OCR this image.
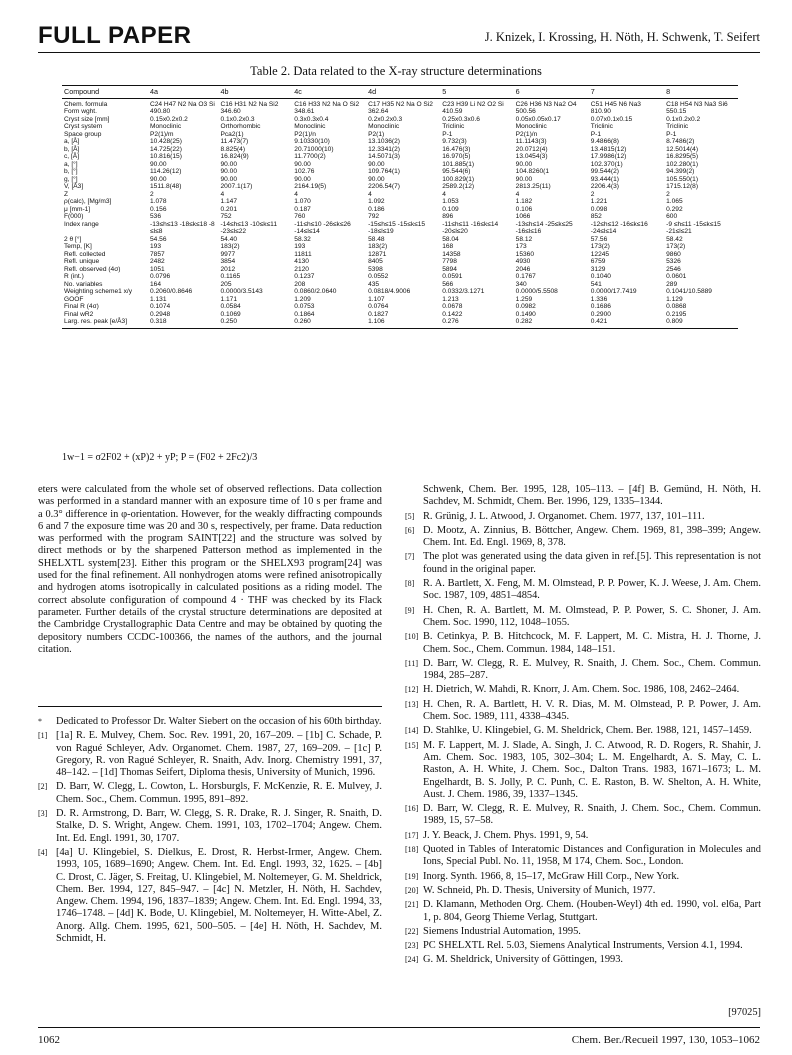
FULL PAPER	J. Knizek, I. Krossing, H. Nöth, H. Schwenk, T. Seifert
Table 2. Data related to the X-ray structure determinations
Compound	4a	4b	4c	4d	5	6	7	8
Chem. formula	C24 H47 N2 Na O3 Si	C16 H31 N2 Na Si2	C16 H33 N2 Na O Si2	C17 H35 N2 Na O Si2	C23 H39 Li N2 O2 Si	C26 H36 N3 Na2 O4	C51 H45 N6 Na3	C18 H54 N3 Na3 Si6
Form wght.	490.80	346.60	348.61	362.64	410.59	500.56	810.90	550.15
Cryst size [mm]	0.15x0.2x0.2	0.1x0.2x0.3	0.3x0.3x0.4	0.2x0.2x0.3	0.25x0.3x0.6	0.05x0.05x0.17	0.07x0.1x0.15	0.1x0.2x0.2
Cryst system	Monoclinic	Orthorhombic	Monoclinic	Monoclinic	Triclinic	Monoclinic	Triclinic	Triclinic
Space group	P2(1)/m	Pca2(1)	P2(1)/n	P2(1)	P-1	P2(1)/n	P-1	P-1
a, [Å]	10.428(25)	11.473(7)	9.10330(10)	13.1036(2)	9.732(3)	11.1143(3)	9.4866(8)	8.7486(2)
b, [Å]	14.725(22)	8.825(4)	20.71000(10)	12.3341(2)	16.476(3)	20.0712(4)	13.4815(12)	12.5014(4)
c, [Å]	10.816(15)	16.824(9)	11.7700(2)	14.5071(3)	16.970(5)	13.0454(3)	17.9986(12)	16.8295(5)
a, [°]	90.00	90.00	90.00	90.00	101.885(1)	90.00	102.370(1)	102.280(1)
b, [°]	114.26(12)	90.00	102.76	109.764(1)	95.544(6)	104.8260(1	99.544(2)	94.399(2)
g, [°]	90.00	90.00	90.00	90.00	100.829(1)	90.00	93.444(1)	105.550(1)
V, [Å3]	1511.8(48)	2007.1(17)	2164.19(5)	2206.54(7)	2589.2(12)	2813.25(11)	2206.4(3)	1715.12(8)
Z	2	4	4	4	4	4	2	2
ρ(calc), [Mg/m3]	1.078	1.147	1.070	1.092	1.053	1.182	1.221	1.065
μ [mm-1]	0.156	0.201	0.187	0.186	0.109	0.106	0.098	0.292
F(000)	536	752	760	792	896	1066	852	600
Index range	-13≤h≤13 -18≤k≤18 -8 ≤l≤8	-14≤h≤13 -10≤k≤11 -23≤l≤22	-11≤h≤10 -26≤k≤26 -14≤l≤14	-15≤h≤15 -15≤k≤15 -18≤l≤19	-11≤h≤11 -16≤k≤14 -20≤l≤20	-13≤h≤14 -25≤k≤25 -16≤l≤16	-12≤h≤12 -16≤k≤16 -24≤l≤14	-9 ≤h≤11 -15≤k≤15 -21≤l≤21
2 θ [°]	54.56	54.40	58.32	58.48	58.04	58.12	57.56	58.42
Temp, [K]	193	183(2)	193	183(2)	168	173	173(2)	173(2)
Refl. collected	7857	9977	11811	12871	14358	15360	12245	9860
Refl. unique	2482	3854	4130	8405	7798	4930	6759	5326
Refl. observed (4σ)	1051	2012	2120	5398	5894	2046	3129	2546
R (int.)	0.0796	0.1165	0.1237	0.0552	0.0591	0.1767	0.1040	0.0601
No. variables	164	205	208	435	566	340	541	289
Weighting scheme1 x/y	0.2060/0.8646	0.0000/3.5143	0.0860/2.0640	0.0818/4.9006	0.0332/3.1271	0.0000/5.5508	0.0000/17.7419	0.1041/10.5889
GOOF	1.131	1.171	1.209	1.107	1.213	1.259	1.336	1.129
Final R (4σ)	0.1074	0.0584	0.0753	0.0764	0.0678	0.0982	0.1686	0.0868
Final wR2	0.2948	0.1069	0.1864	0.1827	0.1422	0.1490	0.2900	0.2195
Larg. res. peak [e/Å3]	0.318	0.250	0.260	1.106	0.276	0.282	0.421	0.809
1w−1 = σ2F02 + (xP)2 + yP; P = (F02 + 2Fc2)/3

eters were calculated from the whole set of observed reflections. Data collection was performed in a standard manner with an exposure time of 10 s per frame and a 0.3° difference in φ-orientation. However, for the weakly diffracting compounds 6 and 7 the exposure time was 20 and 30 s, respectively, per frame. Data reduction was performed with the program SAINT[22] and the structure was solved by direct methods or by the sharpened Patterson method as implemented in the SHELXTL system[23]. Either this program or the SHELX93 program[24] was used for the final refinement. All nonhydrogen atoms were refined anisotropically and hydrogen atoms isotropically in calculated positions as a riding model. The correct absolute configuration of compound 4 · THF was checked by its Flack parameter. Further details of the crystal structure determinations are deposited at the Cambridge Crystallographic Data Centre and may be obtained by quoting the depository numbers CCDC-100366, the names of the authors, and the journal citation.

* Dedicated to Professor Dr. Walter Siebert on the occasion of his 60th birthday.
[1] [1a] R. E. Mulvey, Chem. Soc. Rev. 1991, 20, 167–209. – [1b] C. Schade, P. von Ragué Schleyer, Adv. Organomet. Chem. 1987, 27, 169–209. – [1c] P. Gregory, R. von Ragué Schleyer, R. Snaith, Adv. Inorg. Chemistry 1991, 37, 48–142. – [1d] Thomas Seifert, Diploma thesis, University of Munich, 1996.
[2] D. Barr, W. Clegg, L. Cowton, L. Horsburgls, F. McKenzie, R. E. Mulvey, J. Chem. Soc., Chem. Commun. 1995, 891–892.
[3] D. R. Armstrong, D. Barr, W. Clegg, S. R. Drake, R. J. Singer, R. Snaith, D. Stalke, D. S. Wright, Angew. Chem. 1991, 103, 1702–1704; Angew. Chem. Int. Ed. Engl. 1991, 30, 1707.
[4] [4a] U. Klingebiel, S. Dielkus, E. Drost, R. Herbst-Irmer, Angew. Chem. 1993, 105, 1689–1690; Angew. Chem. Int. Ed. Engl. 1993, 32, 1625. – [4b] C. Drost, C. Jäger, S. Freitag, U. Klingebiel, M. Noltemeyer, G. M. Sheldrick, Chem. Ber. 1994, 127, 845–947. – [4c] N. Metzler, H. Nöth, H. Sachdev, Angew. Chem. 1994, 196, 1837–1839; Angew. Chem. Int. Ed. Engl. 1994, 33, 1746–1748. – [4d] K. Bode, U. Klingebiel, M. Noltemeyer, H. Witte-Abel, Z. Anorg. Allg. Chem. 1995, 621, 500–505. – [4e] H. Nöth, H. Sachdev, M. Schmidt, H.
Schwenk, Chem. Ber. 1995, 128, 105–113. – [4f] B. Gemünd, H. Nöth, H. Sachdev, M. Schmidt, Chem. Ber. 1996, 129, 1335–1344.
[5] R. Grünig, J. L. Atwood, J. Organomet. Chem. 1977, 137, 101–111.
[6] D. Mootz, A. Zinnius, B. Böttcher, Angew. Chem. 1969, 81, 398–399; Angew. Chem. Int. Ed. Engl. 1969, 8, 378.
[7] The plot was generated using the data given in ref.[5]. This representation is not found in the original paper.
[8] R. A. Bartlett, X. Feng, M. M. Olmstead, P. P. Power, K. J. Weese, J. Am. Chem. Soc. 1987, 109, 4851–4854.
[9] H. Chen, R. A. Bartlett, M. M. Olmstead, P. P. Power, S. C. Shoner, J. Am. Chem. Soc. 1990, 112, 1048–1055.
[10] B. Cetinkya, P. B. Hitchcock, M. F. Lappert, M. C. Mistra, H. J. Thorne, J. Chem. Soc., Chem. Commun. 1984, 148–151.
[11] D. Barr, W. Clegg, R. E. Mulvey, R. Snaith, J. Chem. Soc., Chem. Commun. 1984, 285–287.
[12] H. Dietrich, W. Mahdi, R. Knorr, J. Am. Chem. Soc. 1986, 108, 2462–2464.
[13] H. Chen, R. A. Bartlett, H. V. R. Dias, M. M. Olmstead, P. P. Power, J. Am. Chem. Soc. 1989, 111, 4338–4345.
[14] D. Stahlke, U. Klingebiel, G. M. Sheldrick, Chem. Ber. 1988, 121, 1457–1459.
[15] M. F. Lappert, M. J. Slade, A. Singh, J. C. Atwood, R. D. Rogers, R. Shahir, J. Am. Chem. Soc. 1983, 105, 302–304; L. M. Engelhardt, A. S. May, C. L. Raston, A. H. White, J. Chem. Soc., Dalton Trans. 1983, 1671–1673; L. M. Engelhardt, B. S. Jolly, P. C. Punh, C. E. Raston, B. W. Shelton, A. H. White, Aust. J. Chem. 1986, 39, 1337–1345.
[16] D. Barr, W. Clegg, R. E. Mulvey, R. Snaith, J. Chem. Soc., Chem. Commun. 1989, 15, 57–58.
[17] J. Y. Beack, J. Chem. Phys. 1991, 9, 54.
[18] Quoted in Tables of Interatomic Distances and Configuration in Molecules and Ions, Special Publ. No. 11, 1958, M 174, Chem. Soc., London.
[19] Inorg. Synth. 1966, 8, 15–17, McGraw Hill Corp., New York.
[20] W. Schneid, Ph. D. Thesis, University of Munich, 1977.
[21] D. Klamann, Methoden Org. Chem. (Houben-Weyl) 4th ed. 1990, vol. el6a, Part 1, p. 804, Georg Thieme Verlag, Stuttgart.
[22] Siemens Industrial Automation, 1995.
[23] PC SHELXTL Rel. 5.03, Siemens Analytical Instruments, Version 4.1, 1994.
[24] G. M. Sheldrick, University of Göttingen, 1993.
[97025]
1062	Chem. Ber./Recueil 1997, 130, 1053–1062
